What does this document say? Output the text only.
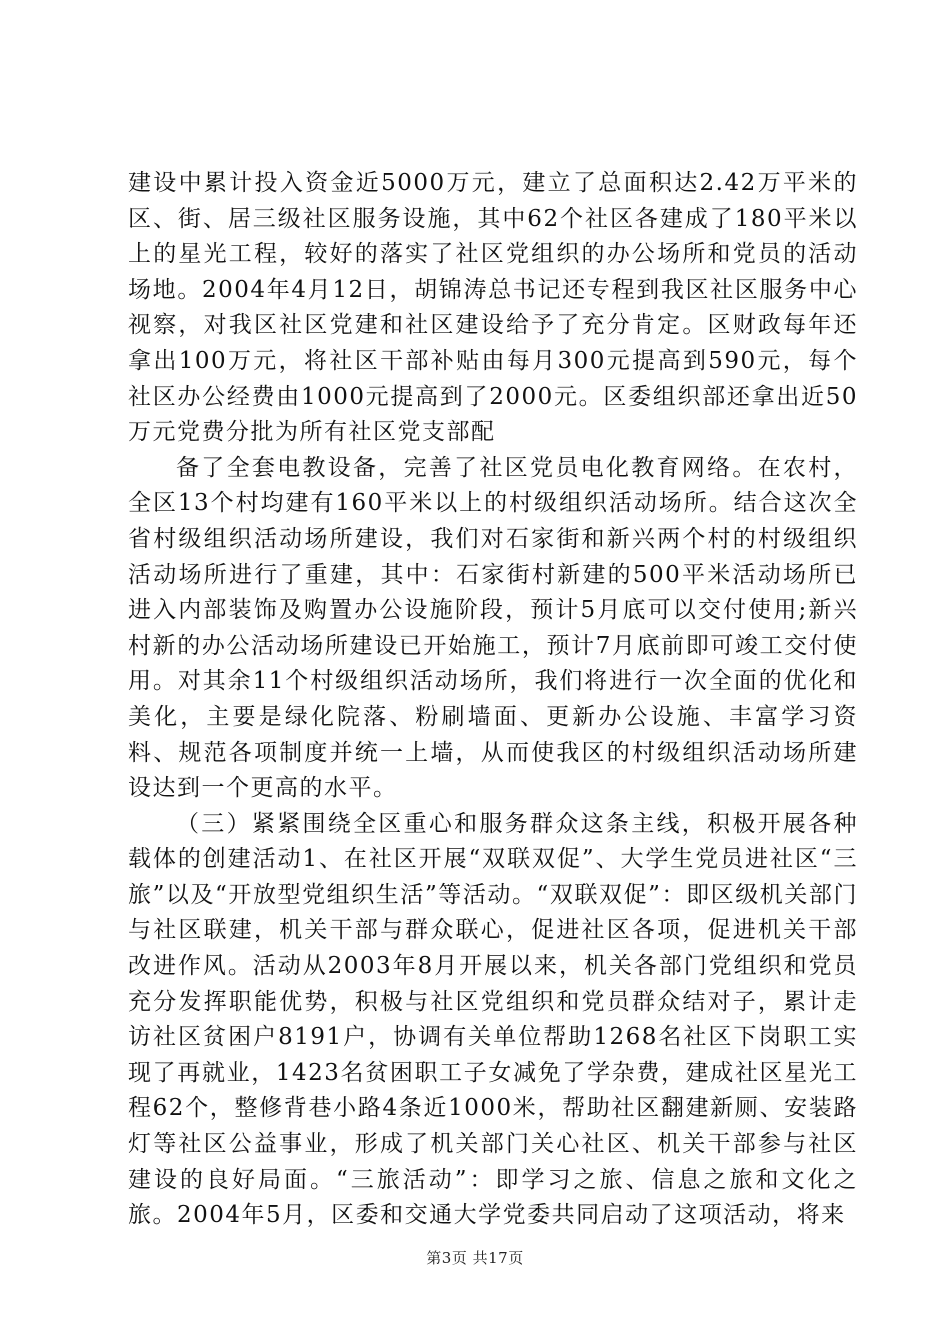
建设中累计投入资金近5000万元，建立了总面积达2.42万平米的区、街、居三级社区服务设施，其中62个社区各建成了180平米以上的星光工程，较好的落实了社区党组织的办公场所和党员的活动场地。2004年4月12日，胡锦涛总书记还专程到我区社区服务中心视察，对我区社区党建和社区建设给予了充分肯定。区财政每年还拿出100万元，将社区干部补贴由每月300元提高到590元，每个社区办公经费由1000元提高到了2000元。区委组织部还拿出近50万元党费分批为所有社区党支部配

备了全套电教设备，完善了社区党员电化教育网络。在农村，全区13个村均建有160平米以上的村级组织活动场所。结合这次全省村级组织活动场所建设，我们对石家街和新兴两个村的村级组织活动场所进行了重建，其中：石家街村新建的500平米活动场所已进入内部装饰及购置办公设施阶段，预计5月底可以交付使用;新兴村新的办公活动场所建设已开始施工，预计7月底前即可竣工交付使用。对其余11个村级组织活动场所，我们将进行一次全面的优化和美化，主要是绿化院落、粉刷墙面、更新办公设施、丰富学习资料、规范各项制度并统一上墙，从而使我区的村级组织活动场所建设达到一个更高的水平。

（三）紧紧围绕全区重心和服务群众这条主线，积极开展各种载体的创建活动1、在社区开展“双联双促”、大学生党员进社区“三旅”以及“开放型党组织生活”等活动。“双联双促”：即区级机关部门与社区联建，机关干部与群众联心，促进社区各项，促进机关干部改进作风。活动从2003年8月开展以来，机关各部门党组织和党员充分发挥职能优势，积极与社区党组织和党员群众结对子，累计走访社区贫困户8191户，协调有关单位帮助1268名社区下岗职工实现了再就业，1423名贫困职工子女减免了学杂费，建成社区星光工程62个，整修背巷小路4条近1000米，帮助社区翻建新厕、安装路灯等社区公益事业，形成了机关部门关心社区、机关干部参与社区建设的良好局面。“三旅活动”：即学习之旅、信息之旅和文化之旅。2004年5月，区委和交通大学党委共同启动了这项活动，将来

第3页 共17页
